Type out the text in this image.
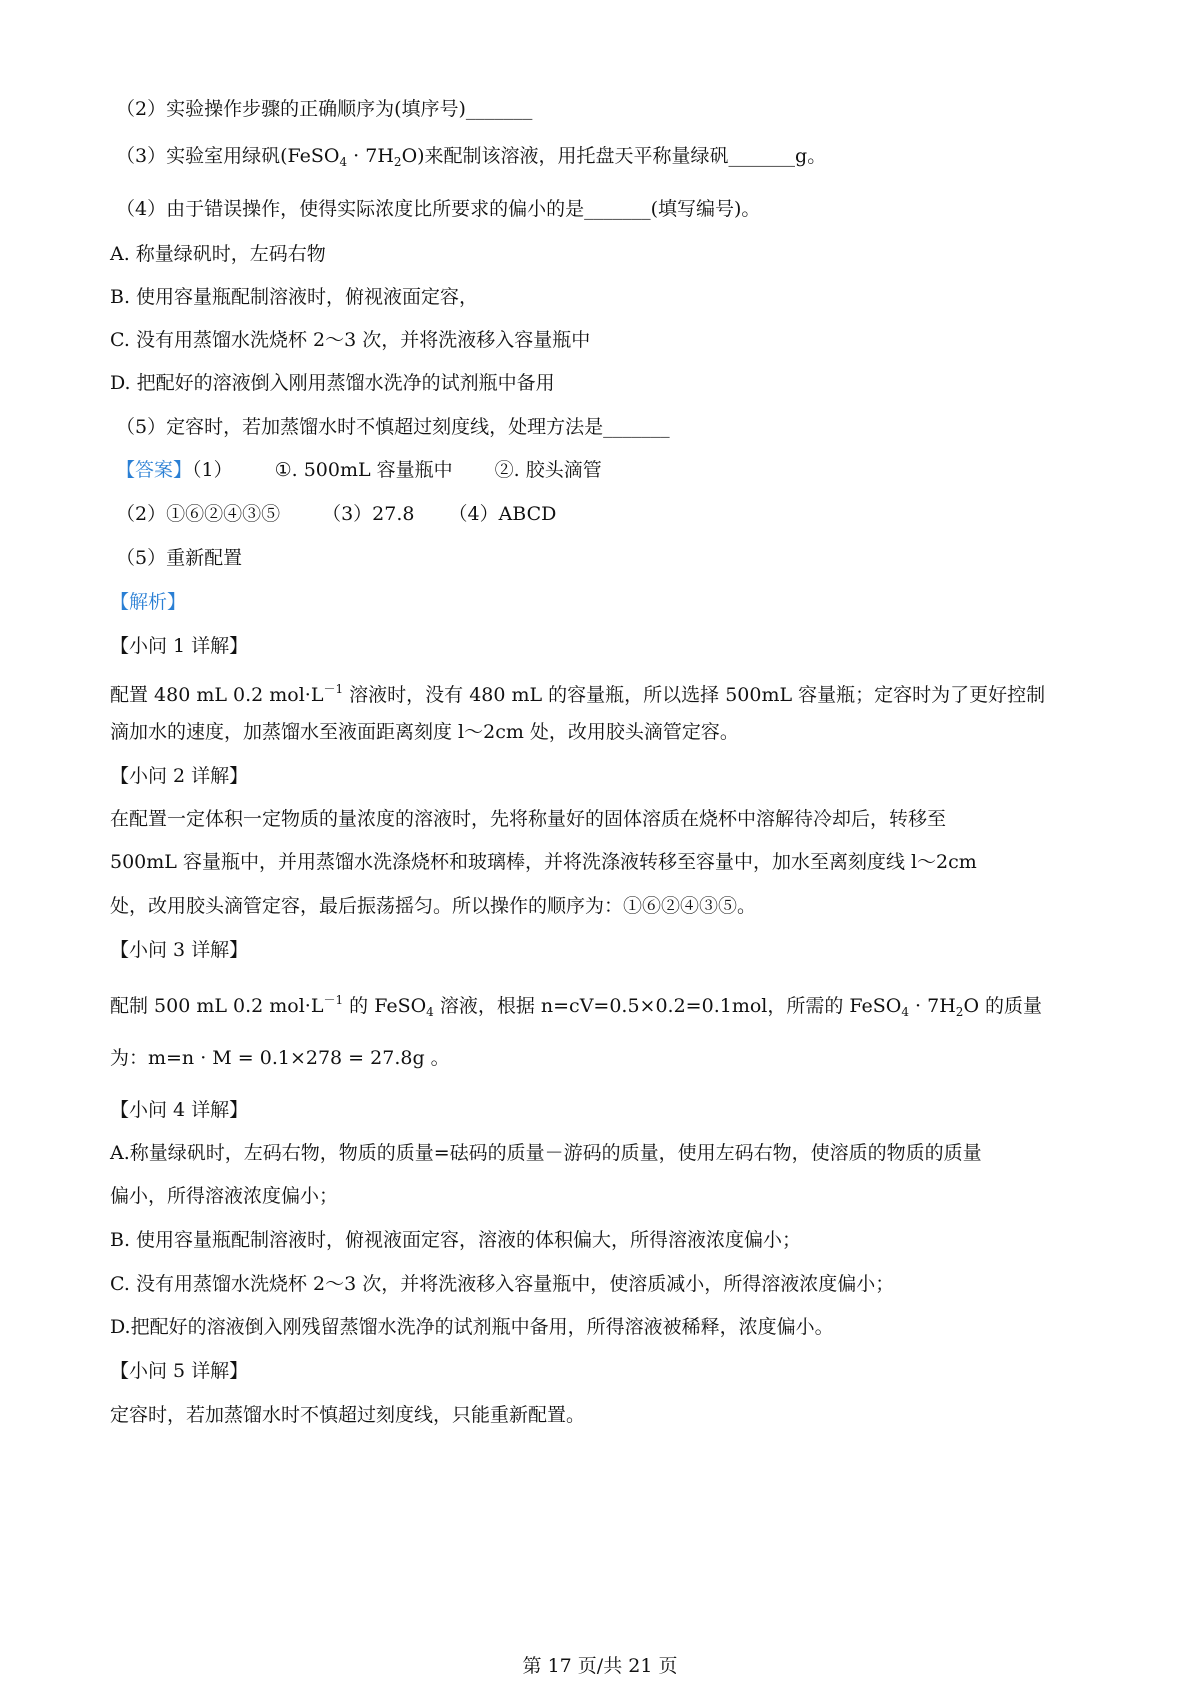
（2）实验操作步骤的正确顺序为(填序号)_______
（3）实验室用绿矾(FeSO$_4$ · $7H_2O$)来配制该溶液，用托盘天平称量绿矾_______g。
（4）由于错误操作，使得实际浓度比所要求的偏小的是_______(填写编号)。
A. 称量绿矾时，左码右物
B. 使用容量瓶配制溶液时，俯视液面定容，
C. 没有用蒸馏水洗烧杯 2～3 次，并将洗液移入容量瓶中
D. 把配好的溶液倒入刚用蒸馏水洗净的试剂瓶中备用
（5）定容时，若加蒸馏水时不慎超过刻度线，处理方法是_______
【答案】（1） ①. 500mL 容量瓶中 ②. 胶头滴管
（2）①⑥②④③⑤ （3）27.8 （4）ABCD
（5）重新配置
【解析】
【小问 1 详解】
配置 480 mL 0.2 $mol\cdot L^{-1}$ 溶液时，没有 480 mL 的容量瓶，所以选择 500mL 容量瓶；定容时为了更好控制
滴加水的速度，加蒸馏水至液面距离刻度 l～2cm 处，改用胶头滴管定容。
【小问 2 详解】
在配置一定体积一定物质的量浓度的溶液时，先将称量好的固体溶质在烧杯中溶解待冷却后，转移至
500mL 容量瓶中，并用蒸馏水洗涤烧杯和玻璃棒，并将洗涤液转移至容量中，加水至离刻度线 l～2cm
处，改用胶头滴管定容，最后振荡摇匀。所以操作的顺序为：①⑥②④③⑤。
【小问 3 详解】
配制 500 mL 0.2 $mol\cdot L^{-1}$ 的 FeSO$_4$ 溶液，根据 n=cV=0.5×0.2=0.1mol，所需的 FeSO$_4$ · $7H_2O$ 的质量
为：m=n · M = 0.1×278 = 27.8g 。
【小问 4 详解】
A.称量绿矾时，左码右物，物质的质量=砝码的质量－游码的质量，使用左码右物，使溶质的物质的质量
偏小，所得溶液浓度偏小；
B. 使用容量瓶配制溶液时，俯视液面定容，溶液的体积偏大，所得溶液浓度偏小；
C. 没有用蒸馏水洗烧杯 2～3 次，并将洗液移入容量瓶中，使溶质减小，所得溶液浓度偏小；
D.把配好的溶液倒入刚残留蒸馏水洗净的试剂瓶中备用，所得溶液被稀释，浓度偏小。
【小问 5 详解】
定容时，若加蒸馏水时不慎超过刻度线，只能重新配置。
第 17 页/共 21 页
